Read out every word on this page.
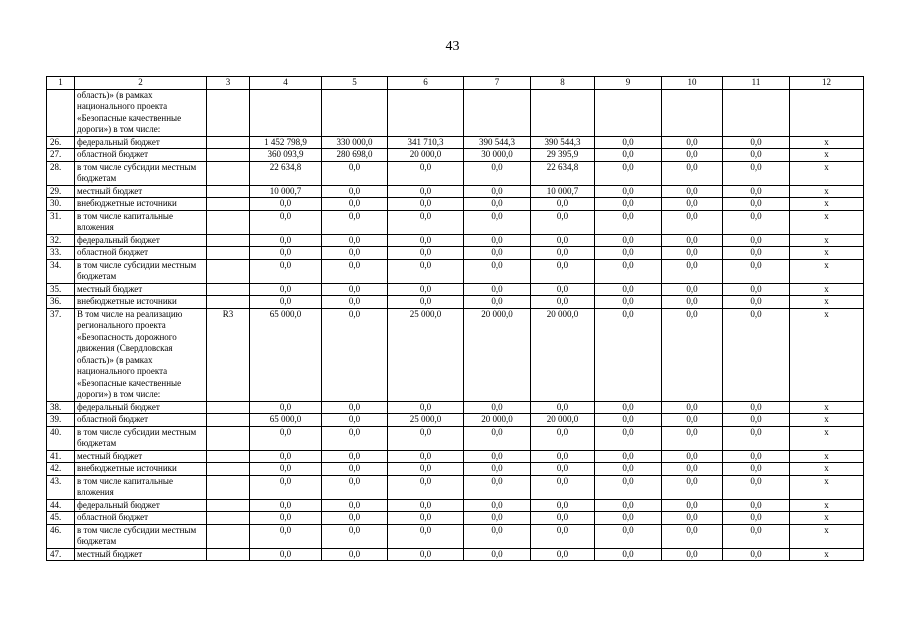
43
1	2	3	4	5	6	7	8	9	10	11	12
	область)» (в рамках национального проекта «Безопасные качественные дороги») в том числе:										
26.	федеральный бюджет		1 452 798,9	330 000,0	341 710,3	390 544,3	390 544,3	0,0	0,0	0,0	х
27.	областной бюджет		360 093,9	280 698,0	20 000,0	30 000,0	29 395,9	0,0	0,0	0,0	х
28.	в том числе субсидии местным бюджетам		22 634,8	0,0	0,0	0,0	22 634,8	0,0	0,0	0,0	х
29.	местный бюджет		10 000,7	0,0	0,0	0,0	10 000,7	0,0	0,0	0,0	х
30.	внебюджетные источники		0,0	0,0	0,0	0,0	0,0	0,0	0,0	0,0	х
31.	в том числе капитальные вложения		0,0	0,0	0,0	0,0	0,0	0,0	0,0	0,0	х
32.	федеральный бюджет		0,0	0,0	0,0	0,0	0,0	0,0	0,0	0,0	х
33.	областной бюджет		0,0	0,0	0,0	0,0	0,0	0,0	0,0	0,0	х
34.	в том числе субсидии местным бюджетам		0,0	0,0	0,0	0,0	0,0	0,0	0,0	0,0	х
35.	местный бюджет		0,0	0,0	0,0	0,0	0,0	0,0	0,0	0,0	х
36.	внебюджетные источники		0,0	0,0	0,0	0,0	0,0	0,0	0,0	0,0	х
37.	В том числе на реализацию регионального проекта «Безопасность дорожного движения (Свердловская область)» (в рамках национального проекта «Безопасные качественные дороги») в том числе:	R3	65 000,0	0,0	25 000,0	20 000,0	20 000,0	0,0	0,0	0,0	х
38.	федеральный бюджет		0,0	0,0	0,0	0,0	0,0	0,0	0,0	0,0	х
39.	областной бюджет		65 000,0	0,0	25 000,0	20 000,0	20 000,0	0,0	0,0	0,0	х
40.	в том числе субсидии местным бюджетам		0,0	0,0	0,0	0,0	0,0	0,0	0,0	0,0	х
41.	местный бюджет		0,0	0,0	0,0	0,0	0,0	0,0	0,0	0,0	х
42.	внебюджетные источники		0,0	0,0	0,0	0,0	0,0	0,0	0,0	0,0	х
43.	в том числе капитальные вложения		0,0	0,0	0,0	0,0	0,0	0,0	0,0	0,0	х
44.	федеральный бюджет		0,0	0,0	0,0	0,0	0,0	0,0	0,0	0,0	х
45.	областной бюджет		0,0	0,0	0,0	0,0	0,0	0,0	0,0	0,0	х
46.	в том числе субсидии местным бюджетам		0,0	0,0	0,0	0,0	0,0	0,0	0,0	0,0	х
47.	местный бюджет		0,0	0,0	0,0	0,0	0,0	0,0	0,0	0,0	х
